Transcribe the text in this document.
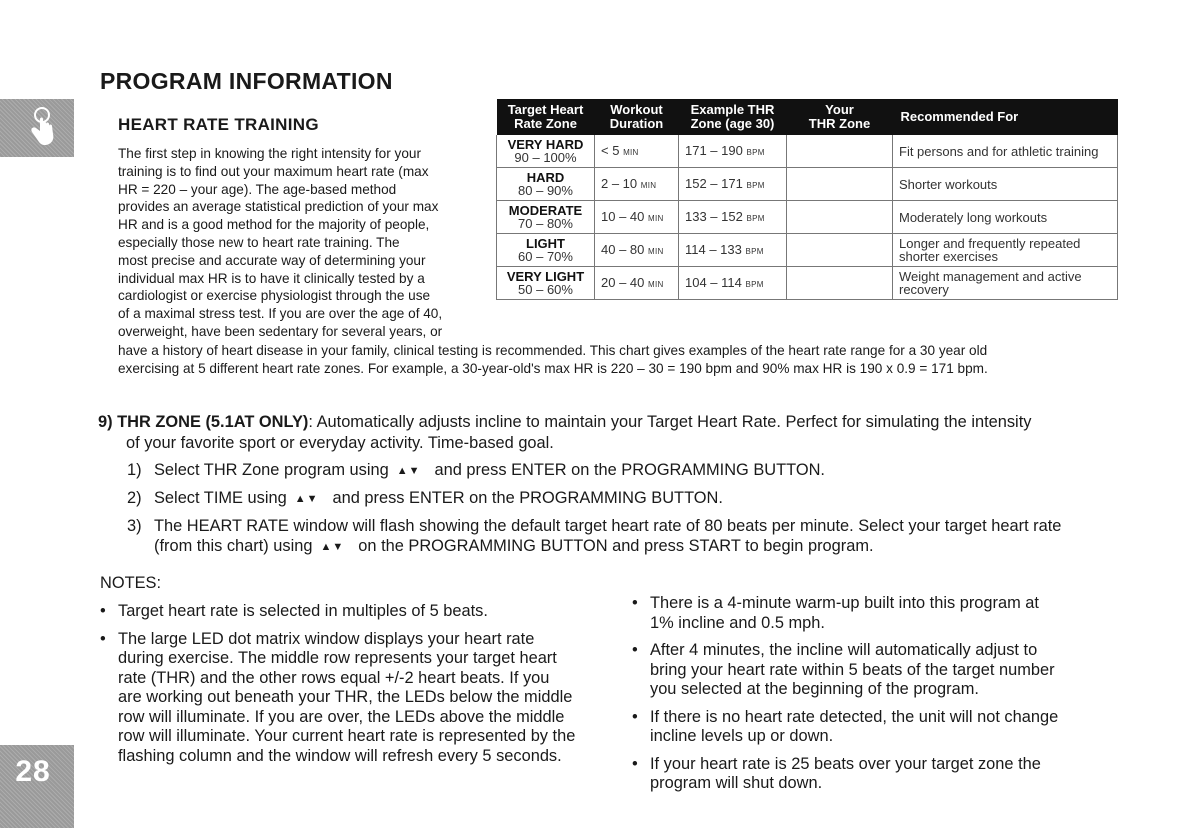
28
PROGRAM INFORMATION
HEART RATE TRAINING
The first step in knowing the right intensity for your
training is to find out your maximum heart rate (max
HR = 220 – your age). The age-based method
provides an average statistical prediction of your max
HR and is a good method for the majority of people,
especially those new to heart rate training. The
most precise and accurate way of determining your
individual max HR is to have it clinically tested by a
cardiologist or exercise physiologist through the use
of a maximal stress test. If you are over the age of 40,
overweight, have been sedentary for several years, or
have a history of heart disease in your family, clinical testing is recommended. This chart gives examples of the heart rate range for a 30 year old
exercising at 5 different heart rate zones. For example, a 30-year-old's max HR is 220 – 30 = 190 bpm and 90% max HR is 190 x 0.9 = 171 bpm.
Target Heart
Rate Zone	Workout
Duration	Example THR
Zone (age 30)	Your
THR Zone	Recommended For

VERY HARD
90 – 100%	< 5 MIN	171 – 190 BPM		Fit persons and for athletic training

HARD
80 – 90%	2 – 10 MIN	152 – 171 BPM		Shorter workouts

MODERATE
70 – 80%	10 – 40 MIN	133 – 152 BPM		Moderately long workouts

LIGHT
60 – 70%	40 – 80 MIN	114 – 133 BPM		Longer and frequently repeated
shorter exercises

VERY LIGHT
50 – 60%	20 – 40 MIN	104 – 114 BPM		Weight management and active
recovery
9) THR ZONE (5.1AT ONLY): Automatically adjusts incline to maintain your Target Heart Rate. Perfect for simulating the intensity
of your favorite sport or everyday activity. Time-based goal.
1) Select THR Zone program using ▲▼ and press ENTER on the PROGRAMMING BUTTON.
2) Select TIME using ▲▼ and press ENTER on the PROGRAMMING BUTTON.
3) The HEART RATE window will flash showing the default target heart rate of 80 beats per minute. Select your target heart rate
(from this chart) using ▲▼ on the PROGRAMMING BUTTON and press START to begin program.
NOTES:
• Target heart rate is selected in multiples of 5 beats.
• The large LED dot matrix window displays your heart rate
during exercise. The middle row represents your target heart
rate (THR) and the other rows equal +/-2 heart beats. If you
are working out beneath your THR, the LEDs below the middle
row will illuminate. If you are over, the LEDs above the middle
row will illuminate. Your current heart rate is represented by the
flashing column and the window will refresh every 5 seconds.
• There is a 4-minute warm-up built into this program at
1% incline and 0.5 mph.
• After 4 minutes, the incline will automatically adjust to
bring your heart rate within 5 beats of the target number
you selected at the beginning of the program.
• If there is no heart rate detected, the unit will not change
incline levels up or down.
• If your heart rate is 25 beats over your target zone the
program will shut down.
